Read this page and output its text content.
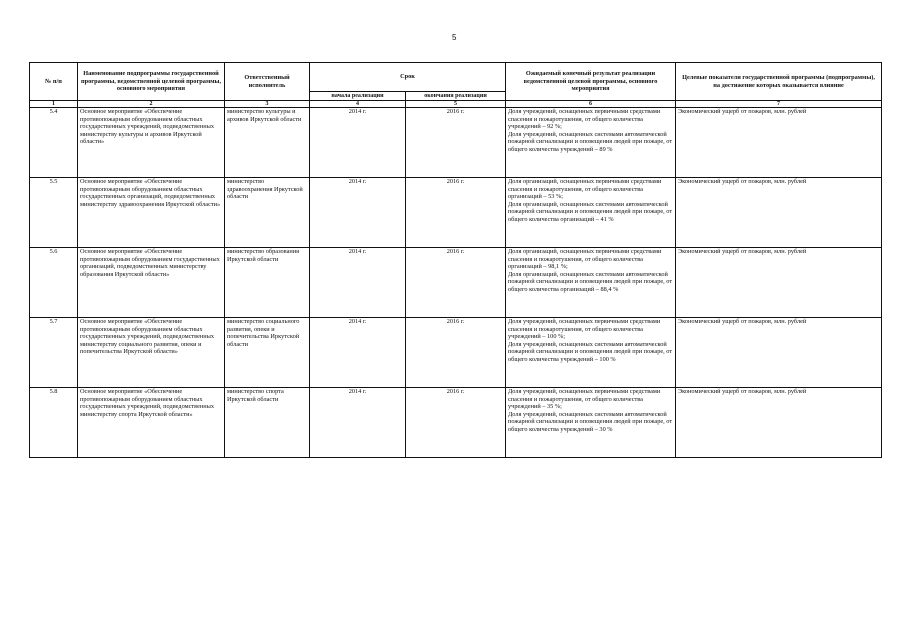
5
№ п/п	Наименование подпрограммы государственной программы, ведомственной целевой программы, основного мероприятия	Ответственный исполнитель	Срок		Ожидаемый конечный результат реализации ведомственной целевой программы, основного мероприятия	Целевые показатели государственной программы (подпрограммы), на достижение которых оказывается влияние
			начала реализации	окончания реализации		
1	2	3	4	5	6	7
5.4	Основное мероприятие «Обеспечение противопожарным оборудованием областных государственных учреждений, подведомственных министерству культуры и архивов Иркутской области»	министерство культуры и архивов Иркутской области	2014 г.	2016 г.	Доля учреждений, оснащенных первичными средствами спасения и пожаротушения, от общего количества учреждений – 92 %;
Доля учреждений, оснащенных системами автоматической пожарной сигнализации и оповещения людей при пожаре, от общего количества учреждений – 89 %	Экономический ущерб от пожаров, млн. рублей
5.5	Основное мероприятие «Обеспечение противопожарным оборудованием областных государственных организаций, подведомственных министерству здравоохранения Иркутской области»	министерство здравоохранения Иркутской области	2014 г.	2016 г.	Доля организаций, оснащенных первичными средствами спасения и пожаротушения, от общего количества организаций – 53 %;
Доля организаций, оснащенных системами автоматической пожарной сигнализации и оповещения людей при пожаре, от общего количества организаций – 41 %	Экономический ущерб от пожаров, млн. рублей
5.6	Основное мероприятие «Обеспечение противопожарным оборудованием государственных организаций, подведомственных министерству образования Иркутской области»	министерство образования Иркутской области	2014 г.	2016 г.	Доля организаций, оснащенных первичными средствами спасения и пожаротушения, от общего количества организаций – 98,1 %;
Доля организаций, оснащенных системами автоматической пожарной сигнализации и оповещения людей при пожаре, от общего количества организаций – 88,4 %	Экономический ущерб от пожаров, млн. рублей
5.7	Основное мероприятие «Обеспечение противопожарным оборудованием областных государственных учреждений, подведомственных министерству социального развития, опеки и попечительства Иркутской области»	министерство социального развития, опеки и попечительства Иркутской области	2014 г.	2016 г.	Доля учреждений, оснащенных первичными средствами спасения и пожаротушения, от общего количества учреждений – 100 %;
Доля учреждений, оснащенных системами автоматической пожарной сигнализации и оповещения людей при пожаре, от общего количества учреждений – 100 %	Экономический ущерб от пожаров, млн. рублей
5.8	Основное мероприятие «Обеспечение противопожарным оборудованием областных государственных учреждений, подведомственных министерству спорта Иркутской области»	министерство спорта Иркутской области	2014 г.	2016 г.	Доля учреждений, оснащенных первичными средствами спасения и пожаротушения, от общего количества учреждений – 35 %;
Доля учреждений, оснащенных системами автоматической пожарной сигнализации и оповещения людей при пожаре, от общего количества учреждений – 30 %	Экономический ущерб от пожаров, млн. рублей
